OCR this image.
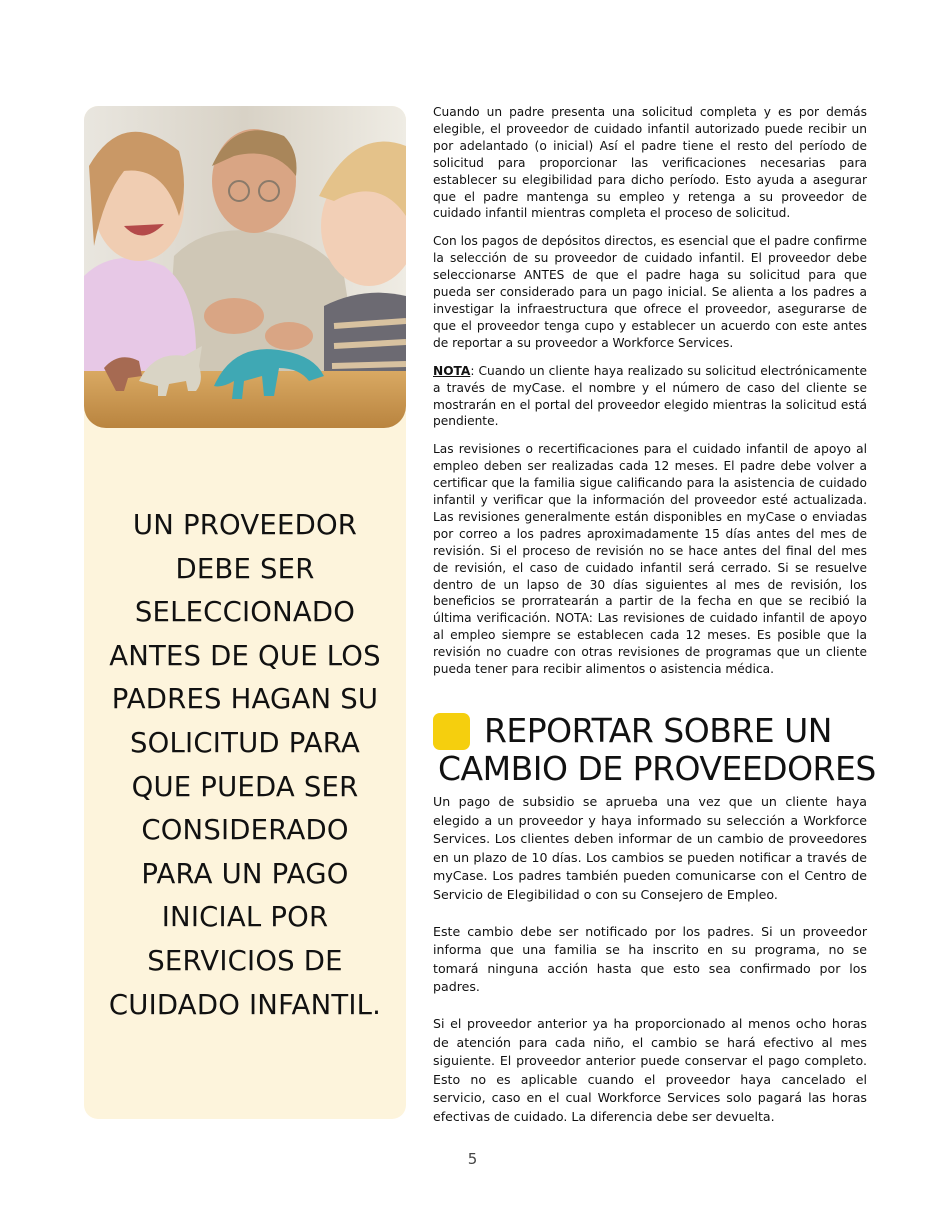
UN PROVEEDOR
DEBE SER
SELECCIONADO
ANTES DE QUE LOS
PADRES HAGAN SU
SOLICITUD PARA
QUE PUEDA SER
CONSIDERADO
PARA UN PAGO
INICIAL POR
SERVICIOS DE
CUIDADO INFANTIL.

Cuando un padre presenta una solicitud completa y es por demás elegible, el proveedor de cuidado infantil autorizado puede recibir un por adelantado (o inicial) Así el padre tiene el resto del período de solicitud para proporcionar las verificaciones necesarias para establecer su elegibilidad para dicho período. Esto ayuda a asegurar que el padre mantenga su empleo y retenga a su proveedor de cuidado infantil mientras completa el proceso de solicitud.

Con los pagos de depósitos directos, es esencial que el padre confirme la selección de su proveedor de cuidado infantil. El proveedor debe seleccionarse ANTES de que el padre haga su solicitud para que pueda ser considerado para un pago inicial. Se alienta a los padres a investigar la infraestructura que ofrece el proveedor, asegurarse de que el proveedor tenga cupo y establecer un acuerdo con este antes de reportar a su proveedor a Workforce Services.

NOTA: Cuando un cliente haya realizado su solicitud electrónicamente a través de myCase. el nombre y el número de caso del cliente se mostrarán en el portal del proveedor elegido mientras la solicitud está pendiente.

Las revisiones o recertificaciones para el cuidado infantil de apoyo al empleo deben ser realizadas cada 12 meses. El padre debe volver a certificar que la familia sigue calificando para la asistencia de cuidado infantil y verificar que la información del proveedor esté actualizada. Las revisiones generalmente están disponibles en myCase o enviadas por correo a los padres aproximadamente 15 días antes del mes de revisión. Si el proceso de revisión no se hace antes del final del mes de revisión, el caso de cuidado infantil será cerrado. Si se resuelve dentro de un lapso de 30 días siguientes al mes de revisión, los beneficios se prorratearán a partir de la fecha en que se recibió la última verificación. NOTA: Las revisiones de cuidado infantil de apoyo al empleo siempre se establecen cada 12 meses. Es posible que la revisión no cuadre con otras revisiones de programas que un cliente pueda tener para recibir alimentos o asistencia médica.

REPORTAR SOBRE UN
CAMBIO DE PROVEEDORES

Un pago de subsidio se aprueba una vez que un cliente haya elegido a un proveedor y haya informado su selección a Workforce Services. Los clientes deben informar de un cambio de proveedores en un plazo de 10 días. Los cambios se pueden notificar a través de myCase. Los padres también pueden comunicarse con el Centro de Servicio de Elegibilidad o con su Consejero de Empleo.

Este cambio debe ser notificado por los padres. Si un proveedor informa que una familia se ha inscrito en su programa, no se tomará ninguna acción hasta que esto sea confirmado por los padres.

Si el proveedor anterior ya ha proporcionado al menos ocho horas de atención para cada niño, el cambio se hará efectivo al mes siguiente. El proveedor anterior puede conservar el pago completo. Esto no es aplicable cuando el proveedor haya cancelado el servicio, caso en el cual Workforce Services solo pagará las horas efectivas de cuidado. La diferencia debe ser devuelta.

5
